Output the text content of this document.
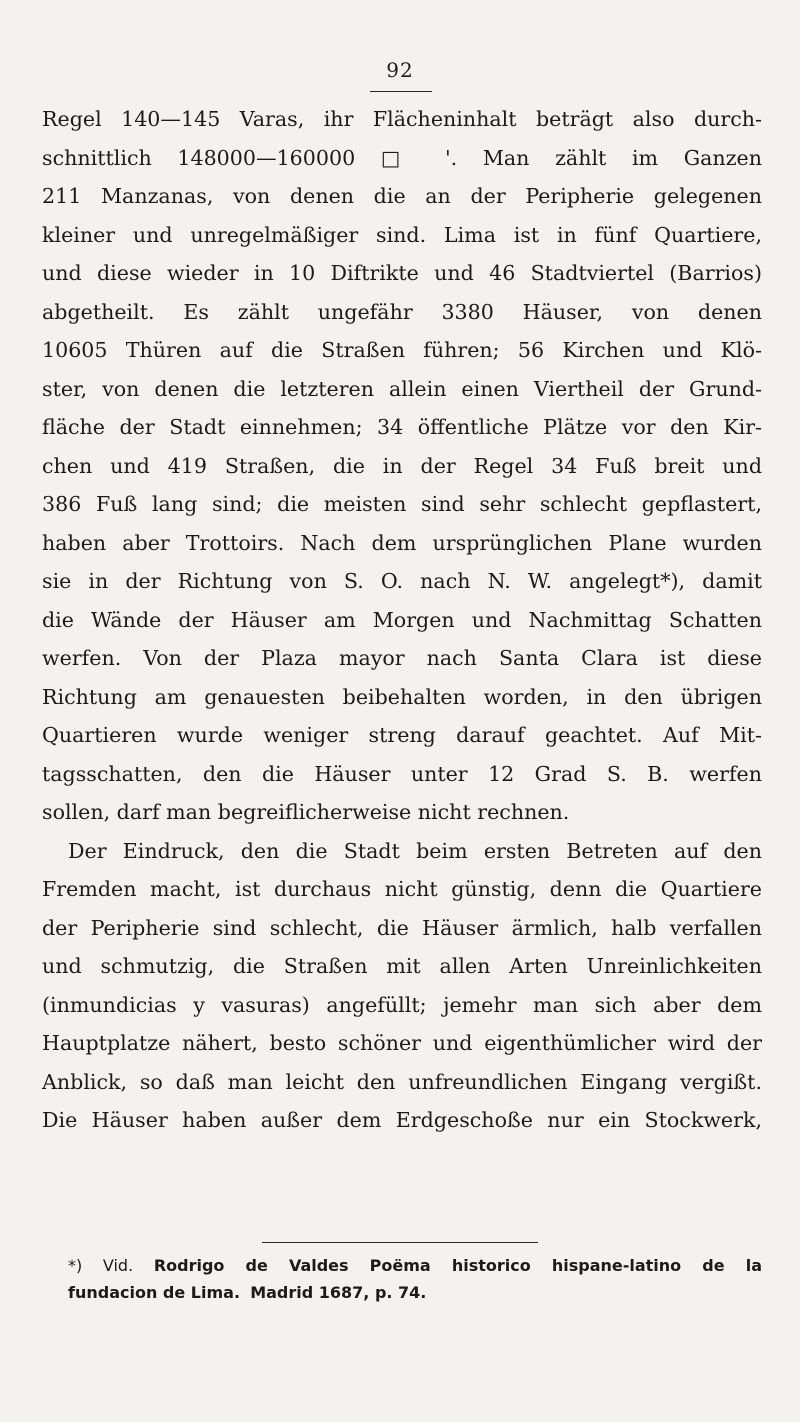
92
Regel 140—145 Varas, ihr Flächeninhalt beträgt also durch-
schnittlich 148000—160000 □ '. Man zählt im Ganzen
211 Manzanas, von denen die an der Peripherie gelegenen
kleiner und unregelmäßiger sind. Lima ist in fünf Quartiere,
und diese wieder in 10 Diftrikte und 46 Stadtviertel (Barrios)
abgetheilt. Es zählt ungefähr 3380 Häuser, von denen
10605 Thüren auf die Straßen führen; 56 Kirchen und Klö-
ster, von denen die letzteren allein einen Viertheil der Grund-
fläche der Stadt einnehmen; 34 öffentliche Plätze vor den Kir-
chen und 419 Straßen, die in der Regel 34 Fuß breit und
386 Fuß lang sind; die meisten sind sehr schlecht gepflastert,
haben aber Trottoirs. Nach dem ursprünglichen Plane wurden
sie in der Richtung von S. O. nach N. W. angelegt*), damit
die Wände der Häuser am Morgen und Nachmittag Schatten
werfen. Von der Plaza mayor nach Santa Clara ist diese
Richtung am genauesten beibehalten worden, in den übrigen
Quartieren wurde weniger streng darauf geachtet. Auf Mit-
tagsschatten, den die Häuser unter 12 Grad S. B. werfen
sollen, darf man begreiflicherweise nicht rechnen.
Der Eindruck, den die Stadt beim ersten Betreten auf den
Fremden macht, ist durchaus nicht günstig, denn die Quartiere
der Peripherie sind schlecht, die Häuser ärmlich, halb verfallen
und schmutzig, die Straßen mit allen Arten Unreinlichkeiten
(inmundicias y vasuras) angefüllt; jemehr man sich aber dem
Hauptplatze nähert, besto schöner und eigenthümlicher wird der
Anblick, so daß man leicht den unfreundlichen Eingang vergißt.
Die Häuser haben außer dem Erdgeschoße nur ein Stockwerk,
*) Vid. Rodrigo de Valdes Poëma historico hispane-latino de la
fundacion de Lima. Madrid 1687, p. 74.
